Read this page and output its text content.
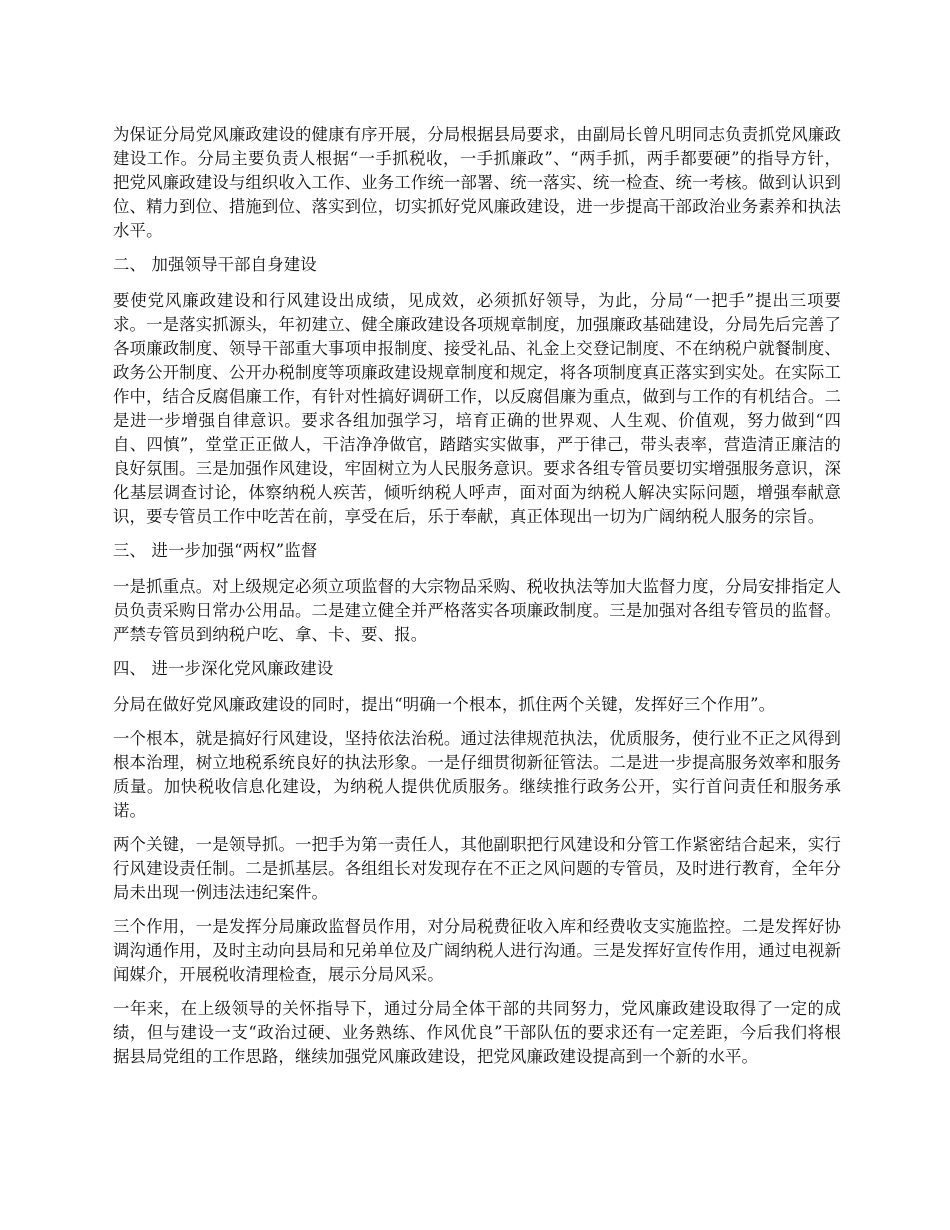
为保证分局党风廉政建设的健康有序开展，分局根据县局要求，由副局长曾凡明同志负责抓党风廉政建设工作。分局主要负责人根据“一手抓税收，一手抓廉政”、“两手抓，两手都要硬”的指导方针，把党风廉政建设与组织收入工作、业务工作统一部署、统一落实、统一检查、统一考核。做到认识到位、精力到位、措施到位、落实到位，切实抓好党风廉政建设，进一步提高干部政治业务素养和执法水平。

二、 加强领导干部自身建设

要使党风廉政建设和行风建设出成绩，见成效，必须抓好领导，为此，分局“一把手”提出三项要求。一是落实抓源头，年初建立、健全廉政建设各项规章制度，加强廉政基础建设，分局先后完善了各项廉政制度、领导干部重大事项申报制度、接受礼品、礼金上交登记制度、不在纳税户就餐制度、政务公开制度、公开办税制度等项廉政建设规章制度和规定，将各项制度真正落实到实处。在实际工作中，结合反腐倡廉工作，有针对性搞好调研工作，以反腐倡廉为重点，做到与工作的有机结合。二是进一步增强自律意识。要求各组加强学习，培育正确的世界观、人生观、价值观，努力做到“四自、四慎”，堂堂正正做人，干洁净净做官，踏踏实实做事，严于律己，带头表率，营造清正廉洁的良好氛围。三是加强作风建设，牢固树立为人民服务意识。要求各组专管员要切实增强服务意识，深化基层调查讨论，体察纳税人疾苦，倾听纳税人呼声，面对面为纳税人解决实际问题，增强奉献意识，要专管员工作中吃苦在前，享受在后，乐于奉献，真正体现出一切为广阔纳税人服务的宗旨。

三、 进一步加强“两权”监督

一是抓重点。对上级规定必须立项监督的大宗物品采购、税收执法等加大监督力度，分局安排指定人员负责采购日常办公用品。二是建立健全并严格落实各项廉政制度。三是加强对各组专管员的监督。严禁专管员到纳税户吃、拿、卡、要、报。

四、 进一步深化党风廉政建设

分局在做好党风廉政建设的同时，提出“明确一个根本，抓住两个关键，发挥好三个作用”。

一个根本，就是搞好行风建设，坚持依法治税。通过法律规范执法，优质服务，使行业不正之风得到根本治理，树立地税系统良好的执法形象。一是仔细贯彻新征管法。二是进一步提高服务效率和服务质量。加快税收信息化建设，为纳税人提供优质服务。继续推行政务公开，实行首问责任和服务承诺。

两个关键，一是领导抓。一把手为第一责任人，其他副职把行风建设和分管工作紧密结合起来，实行行风建设责任制。二是抓基层。各组组长对发现存在不正之风问题的专管员，及时进行教育，全年分局未出现一例违法违纪案件。

三个作用，一是发挥分局廉政监督员作用，对分局税费征收入库和经费收支实施监控。二是发挥好协调沟通作用，及时主动向县局和兄弟单位及广阔纳税人进行沟通。三是发挥好宣传作用，通过电视新闻媒介，开展税收清理检查，展示分局风采。

一年来，在上级领导的关怀指导下，通过分局全体干部的共同努力，党风廉政建设取得了一定的成绩，但与建设一支“政治过硬、业务熟练、作风优良”干部队伍的要求还有一定差距，今后我们将根据县局党组的工作思路，继续加强党风廉政建设，把党风廉政建设提高到一个新的水平。
